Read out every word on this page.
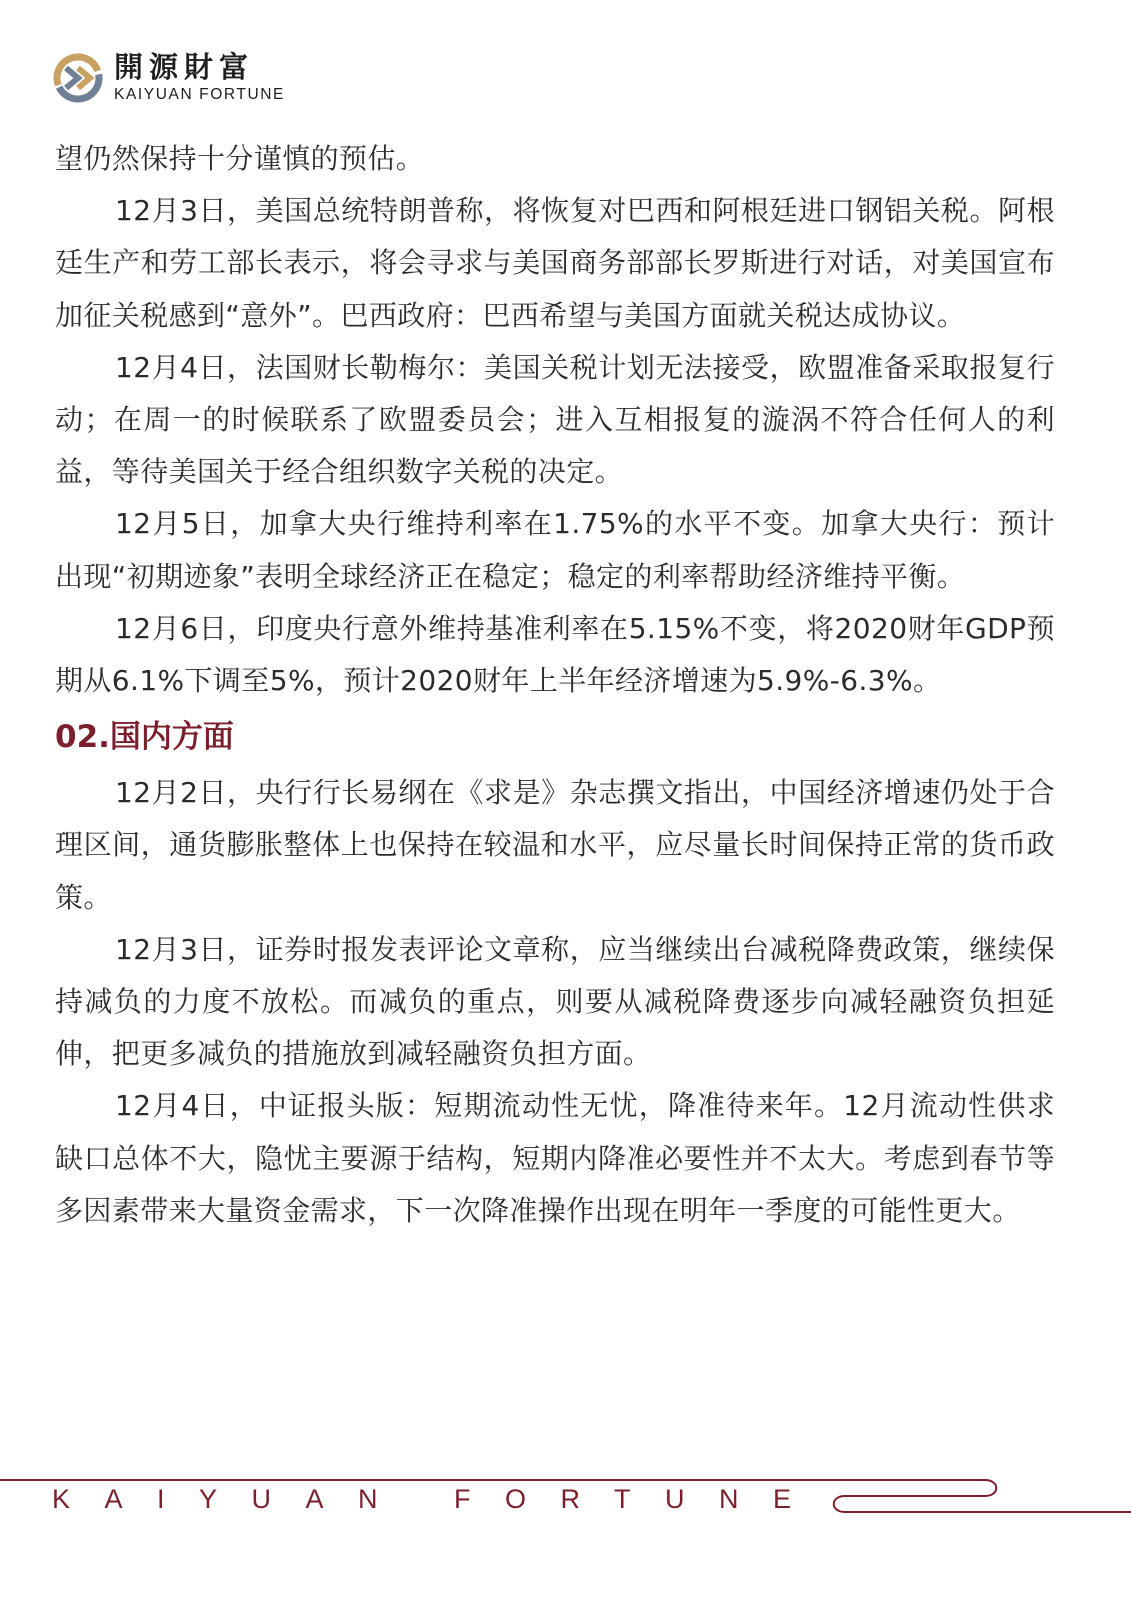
開源財富
KAIYUAN FORTUNE

望仍然保持十分谨慎的预估。

12月3日，美国总统特朗普称，将恢复对巴西和阿根廷进口钢铝关税。阿根廷生产和劳工部长表示，将会寻求与美国商务部部长罗斯进行对话，对美国宣布加征关税感到“意外”。巴西政府：巴西希望与美国方面就关税达成协议。

12月4日，法国财长勒梅尔：美国关税计划无法接受，欧盟准备采取报复行动；在周一的时候联系了欧盟委员会；进入互相报复的漩涡不符合任何人的利益，等待美国关于经合组织数字关税的决定。

12月5日，加拿大央行维持利率在1.75%的水平不变。加拿大央行：预计出现“初期迹象”表明全球经济正在稳定；稳定的利率帮助经济维持平衡。

12月6日，印度央行意外维持基准利率在5.15%不变，将2020财年GDP预期从6.1%下调至5%，预计2020财年上半年经济增速为5.9%-6.3%。

02.国内方面

12月2日，央行行长易纲在《求是》杂志撰文指出，中国经济增速仍处于合理区间，通货膨胀整体上也保持在较温和水平，应尽量长时间保持正常的货币政策。

12月3日，证券时报发表评论文章称，应当继续出台减税降费政策，继续保持减负的力度不放松。而减负的重点，则要从减税降费逐步向减轻融资负担延伸，把更多减负的措施放到减轻融资负担方面。

12月4日，中证报头版：短期流动性无忧，降准待来年。12月流动性供求缺口总体不大，隐忧主要源于结构，短期内降准必要性并不太大。考虑到春节等多因素带来大量资金需求，下一次降准操作出现在明年一季度的可能性更大。

KAIYUAN FORTUNE
